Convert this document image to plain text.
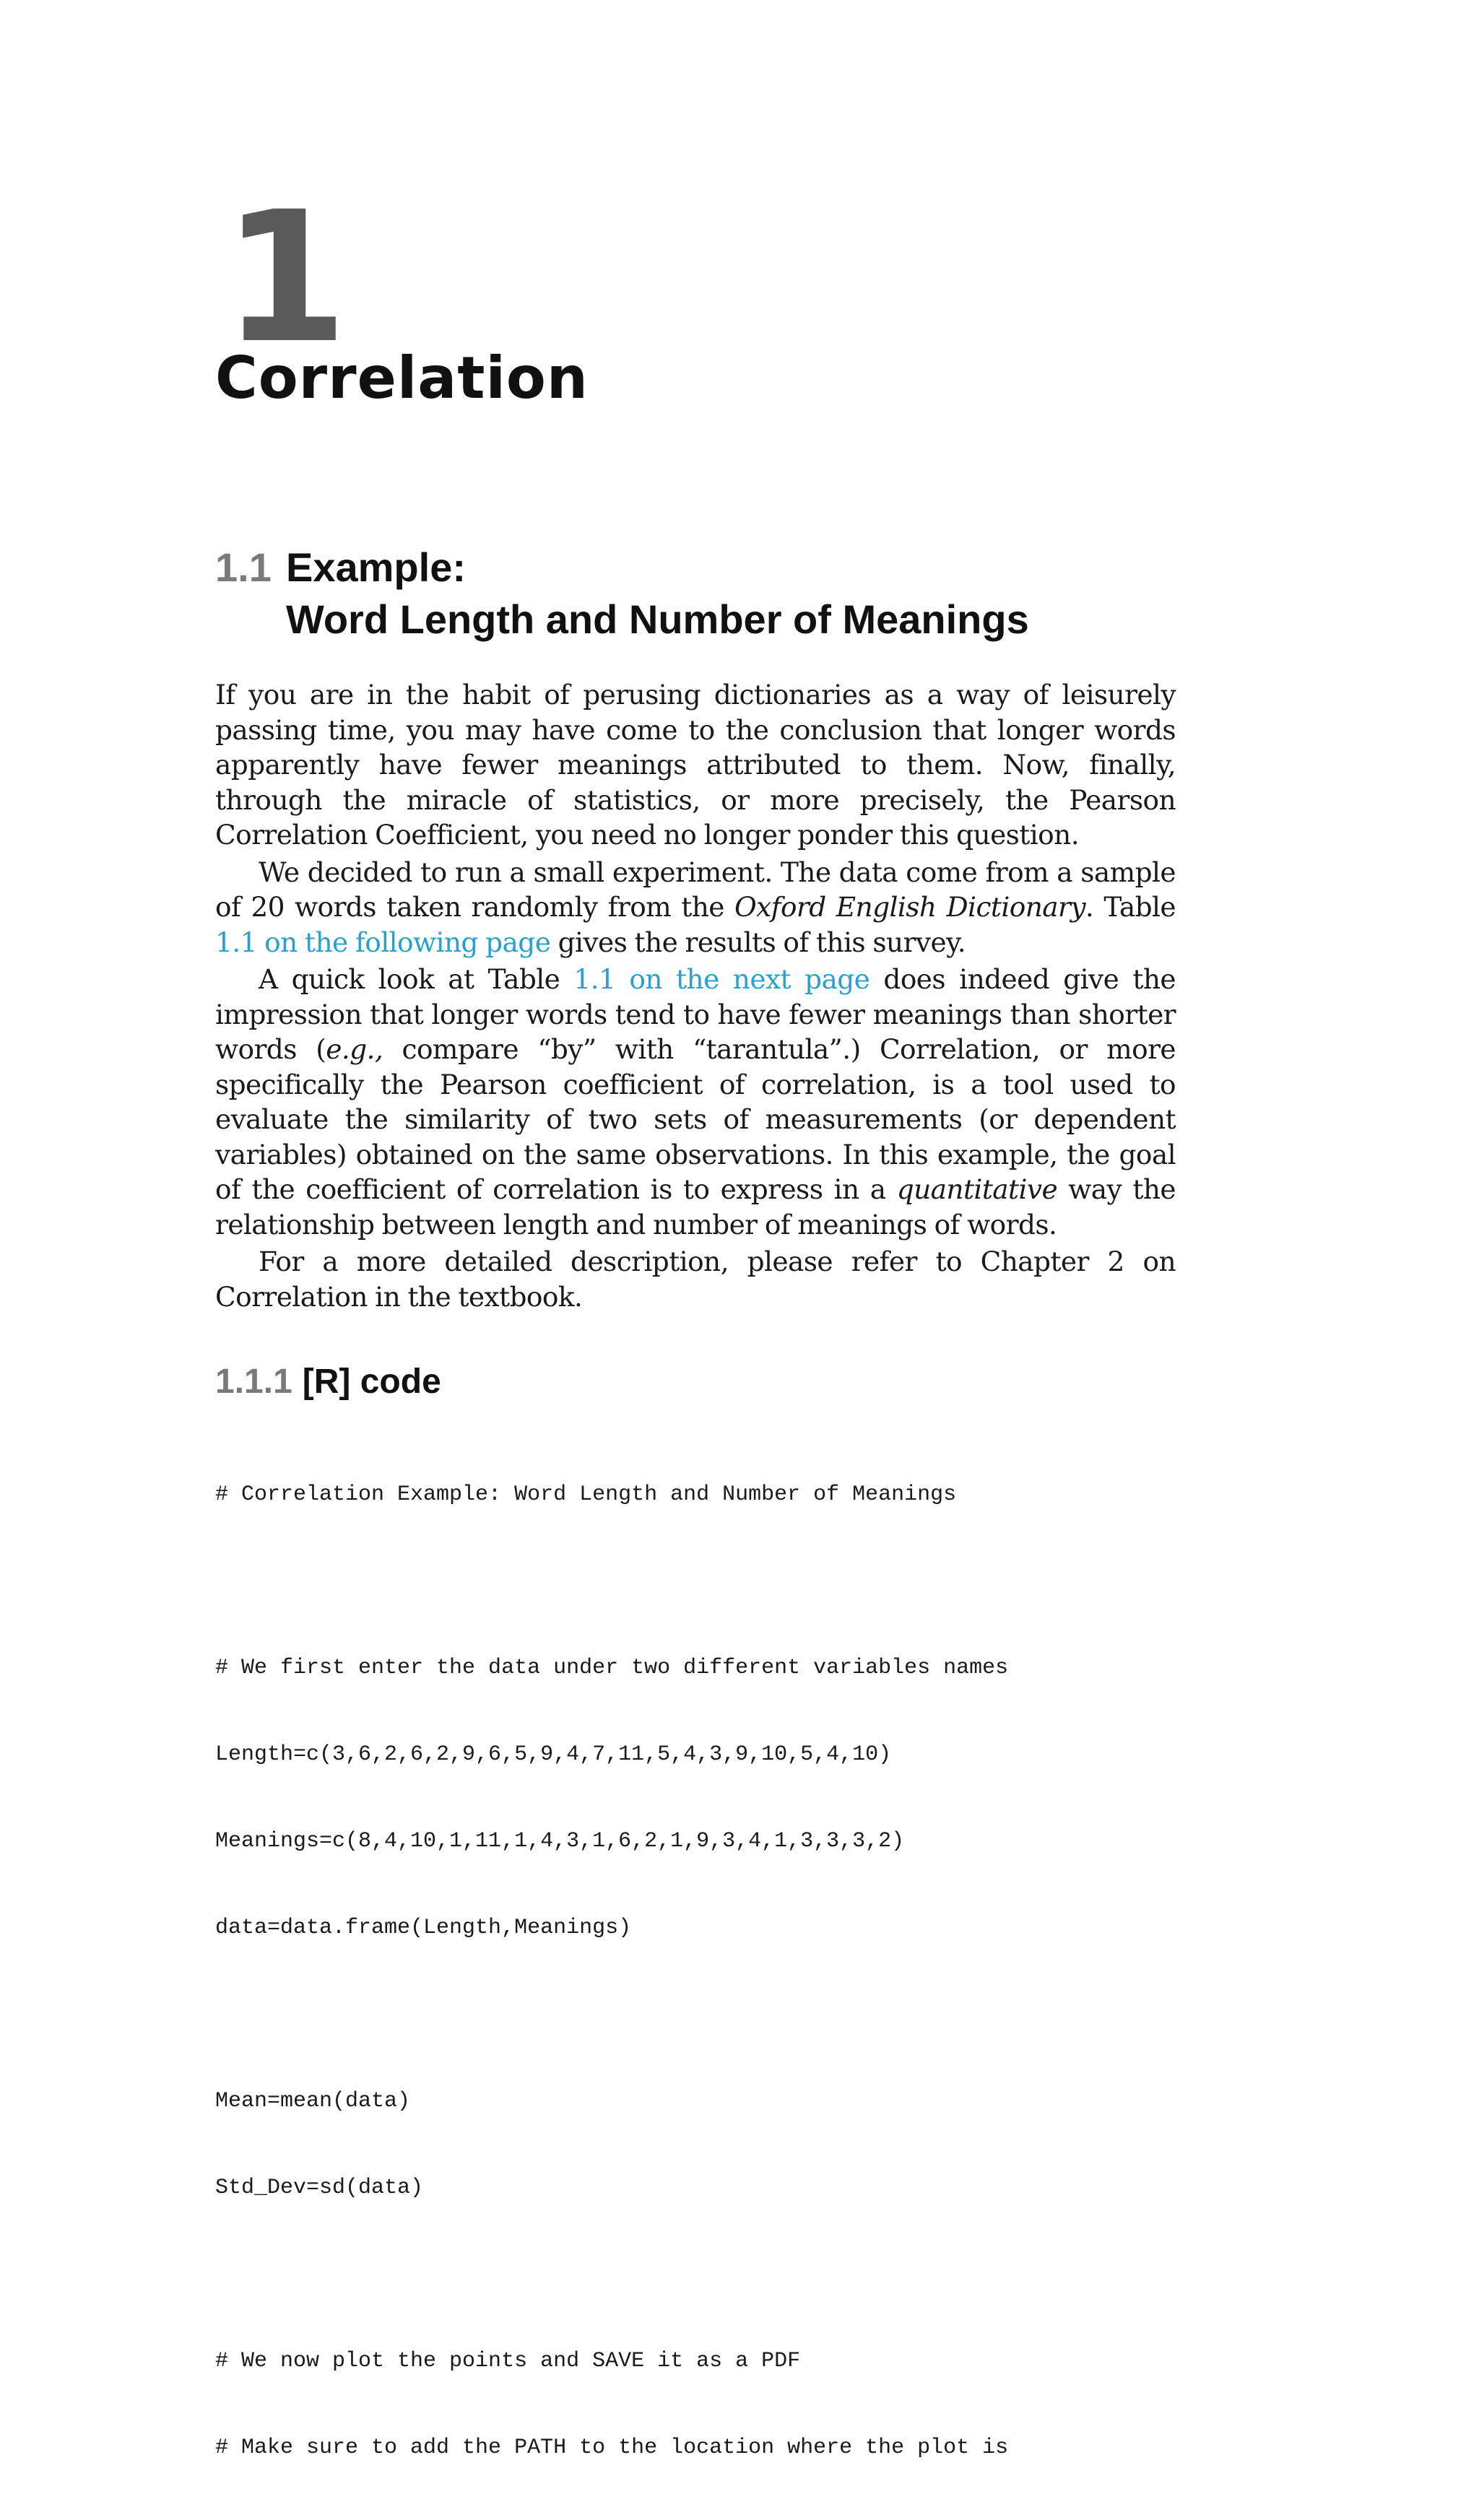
1
Correlation
1.1 Example:
Word Length and Number of Meanings

If you are in the habit of perusing dictionaries as a way of leisurely passing time, you may have come to the conclusion that longer words apparently have fewer meanings attributed to them. Now, finally, through the miracle of statistics, or more precisely, the Pearson Correlation Coefficient, you need no longer ponder this question.

We decided to run a small experiment. The data come from a sample of 20 words taken randomly from the Oxford English Dictionary. Table 1.1 on the following page gives the results of this survey.

A quick look at Table 1.1 on the next page does indeed give the impression that longer words tend to have fewer meanings than shorter words (e.g., compare “by” with “tarantula”.) Correlation, or more specifically the Pearson coefficient of correlation, is a tool used to evaluate the similarity of two sets of measurements (or dependent variables) obtained on the same observations. In this example, the goal of the coefficient of correlation is to express in a quantitative way the relationship between length and number of meanings of words.

For a more detailed description, please refer to Chapter 2 on Correlation in the textbook.

1.1.1 [R] code

# Correlation Example: Word Length and Number of Meanings

# We first enter the data under two different variables names

Length=c(3,6,2,6,2,9,6,5,9,4,7,11,5,4,3,9,10,5,4,10)

Meanings=c(8,4,10,1,11,1,4,3,1,6,2,1,9,3,4,1,3,3,3,2)

data=data.frame(Length,Meanings)

Mean=mean(data)

Std_Dev=sd(data)

# We now plot the points and SAVE it as a PDF

# Make sure to add the PATH to the location where the plot is
